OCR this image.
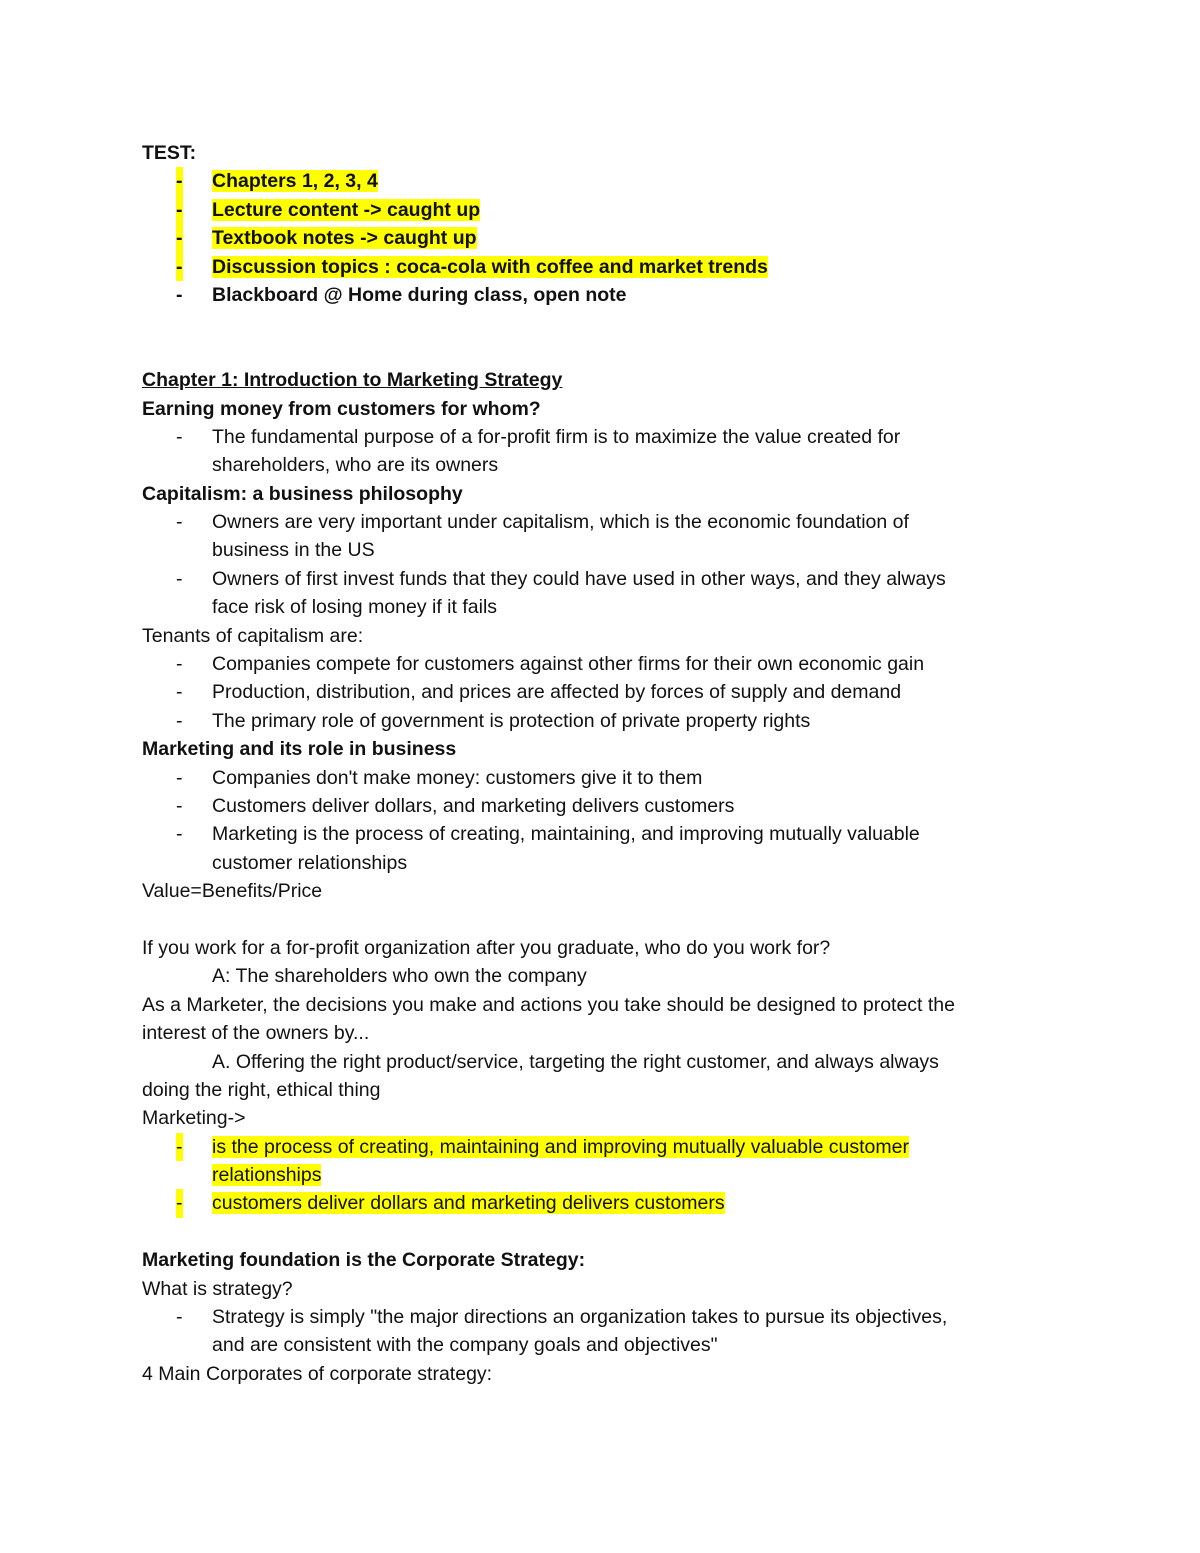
TEST:
- Chapters 1, 2, 3, 4
- Lecture content -> caught up
- Textbook notes -> caught up
- Discussion topics : coca-cola with coffee and market trends
- Blackboard @ Home during class, open note
Chapter 1: Introduction to Marketing Strategy
Earning money from customers for whom?
- The fundamental purpose of a for-profit firm is to maximize the value created for
shareholders, who are its owners
Capitalism: a business philosophy
- Owners are very important under capitalism, which is the economic foundation of
business in the US
- Owners of first invest funds that they could have used in other ways, and they always
face risk of losing money if it fails
Tenants of capitalism are:
- Companies compete for customers against other firms for their own economic gain
- Production, distribution, and prices are affected by forces of supply and demand
- The primary role of government is protection of private property rights
Marketing and its role in business
- Companies don't make money: customers give it to them
- Customers deliver dollars, and marketing delivers customers
- Marketing is the process of creating, maintaining, and improving mutually valuable
customer relationships
Value=Benefits/Price
If you work for a for-profit organization after you graduate, who do you work for?
A: The shareholders who own the company
As a Marketer, the decisions you make and actions you take should be designed to protect the
interest of the owners by...
A. Offering the right product/service, targeting the right customer, and always always
doing the right, ethical thing
Marketing->
- is the process of creating, maintaining and improving mutually valuable customer
relationships
- customers deliver dollars and marketing delivers customers
Marketing foundation is the Corporate Strategy:
What is strategy?
- Strategy is simply "the major directions an organization takes to pursue its objectives,
and are consistent with the company goals and objectives"
4 Main Corporates of corporate strategy:
